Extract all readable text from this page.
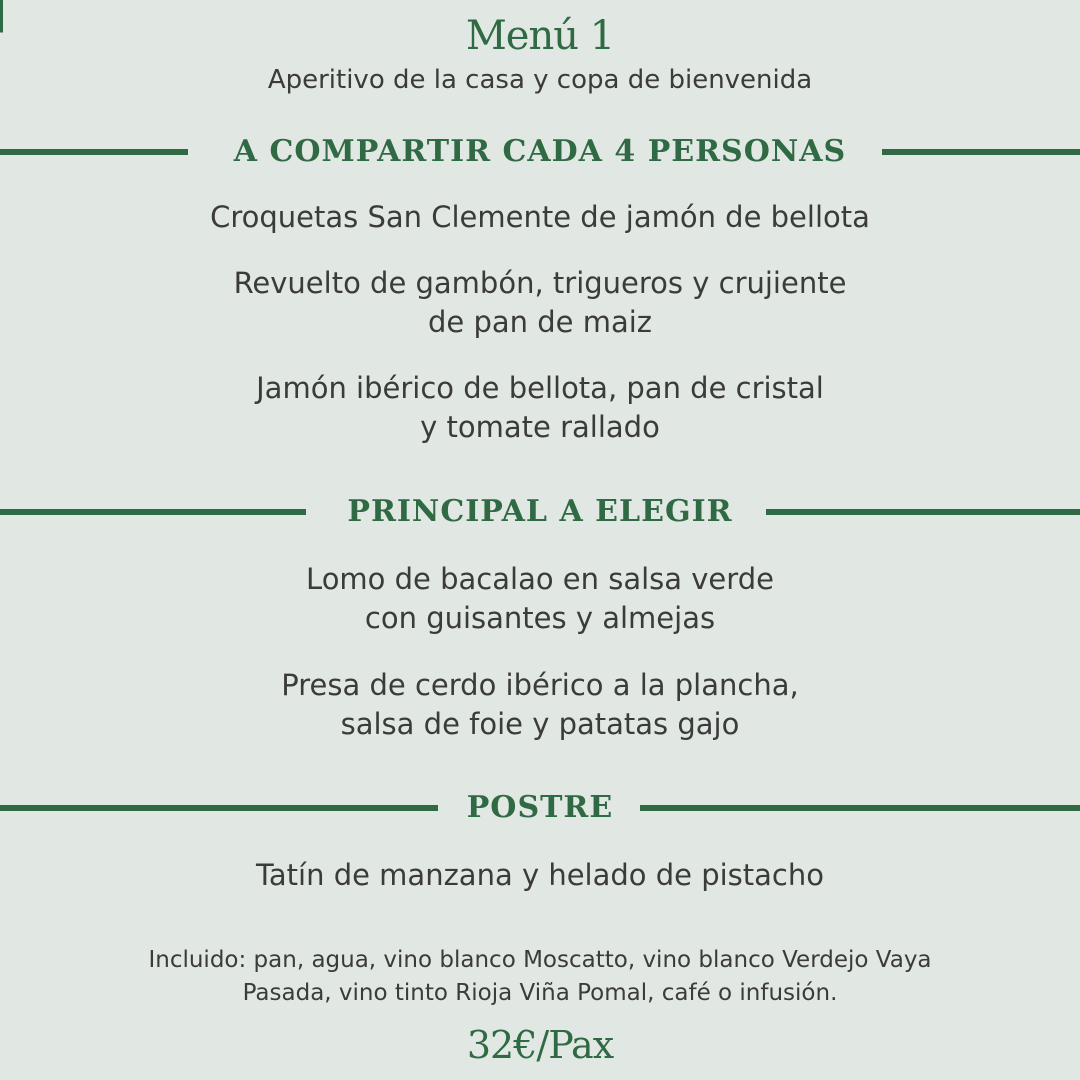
Menú 1
Aperitivo de la casa y copa de bienvenida
A COMPARTIR CADA 4 PERSONAS
Croquetas San Clemente de jamón de bellota
Revuelto de gambón, trigueros y crujiente
de pan de maiz
Jamón ibérico de bellota, pan de cristal
y tomate rallado
PRINCIPAL A ELEGIR
Lomo de bacalao en salsa verde
con guisantes y almejas
Presa de cerdo ibérico a la plancha,
salsa de foie y patatas gajo
POSTRE
Tatín de manzana y helado de pistacho
Incluido: pan, agua, vino blanco Moscatto, vino blanco Verdejo Vaya
Pasada, vino tinto Rioja Viña Pomal, café o infusión.
32€/Pax
